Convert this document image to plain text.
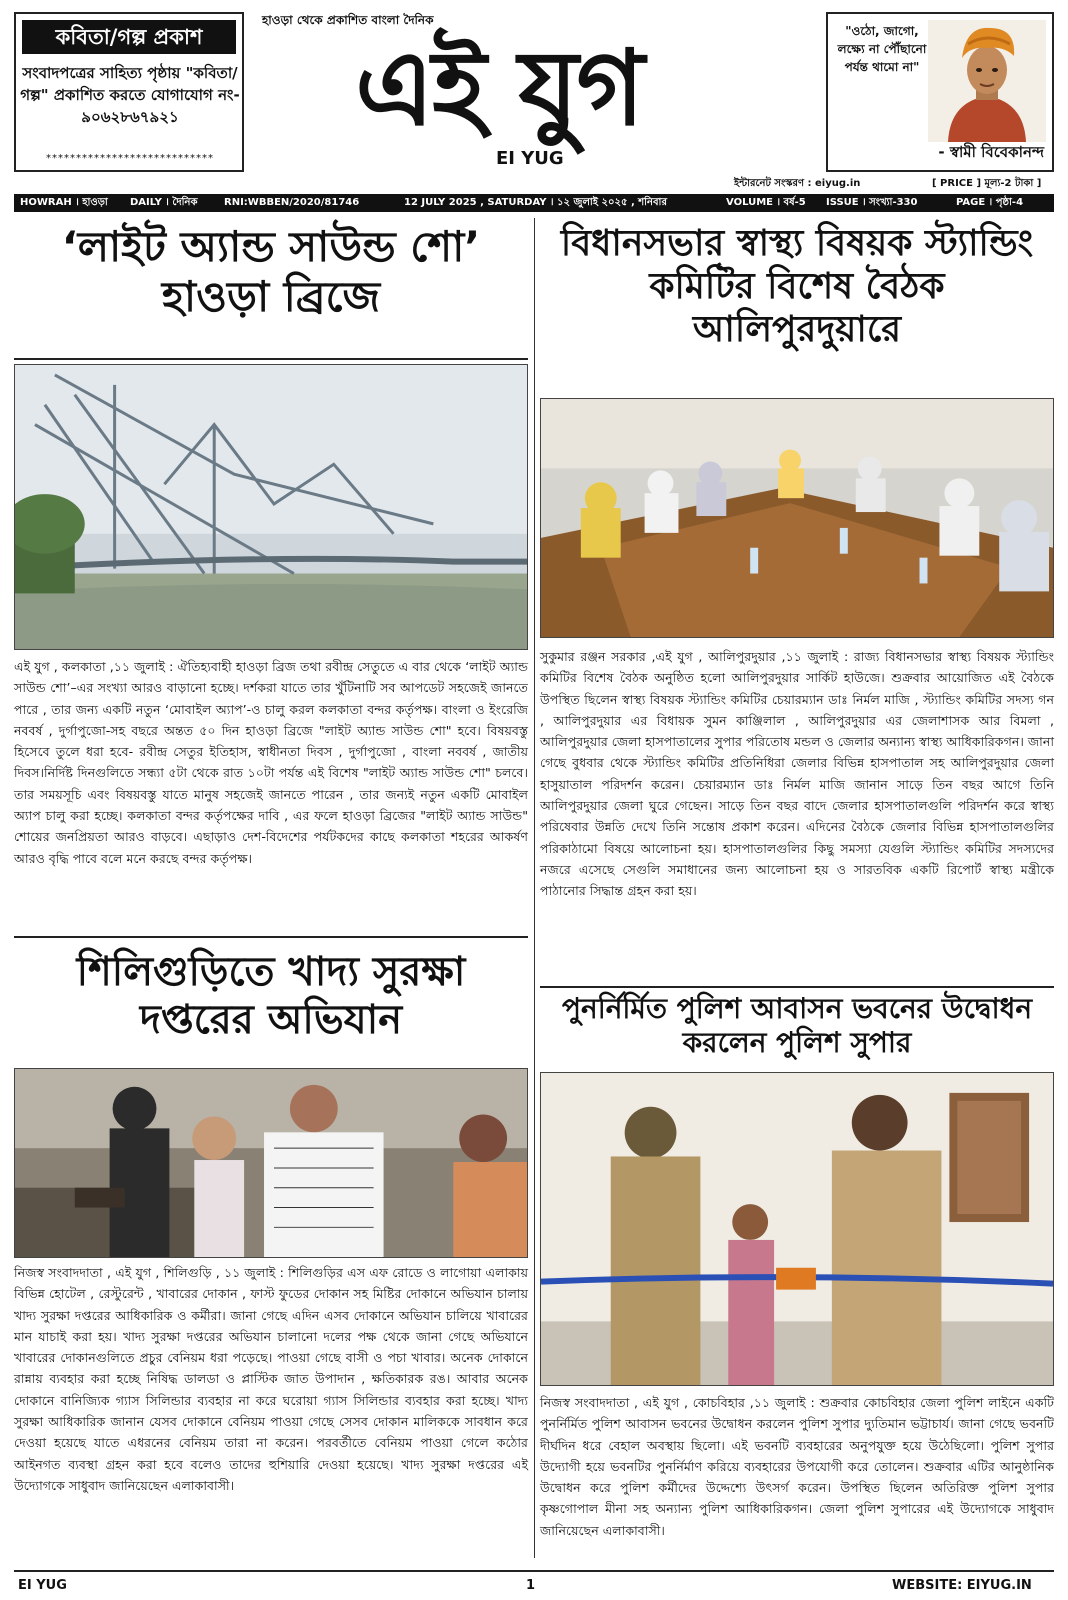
কবিতা/গল্প প্রকাশ
সংবাদপত্রের সাহিত্য পৃষ্ঠায় "কবিতা/গল্প" প্রকাশিত করতে যোগাযোগ নং- ৯০৬২৮৬৭৯২১
****************************
হাওড়া থেকে প্রকাশিত বাংলা দৈনিক
এই যুগ
EI YUG
"ওঠো, জাগো, লক্ষ্যে না পৌঁছানো পর্যন্ত থামো না"
- স্বামী বিবেকানন্দ
ইন্টারনেট সংস্করণ : eiyug.in	[ PRICE ] মূল্য-2 টাকা ]
HOWRAH । হাওড়া DAILY । দৈনিক	RNI:WBBEN/2020/81746	12 JULY 2025 , SATURDAY । ১২ জুলাই ২০২৫ , শনিবার	VOLUME । বর্ষ-5 ISSUE । সংখ্যা-330	PAGE । পৃষ্ঠা-4
‘লাইট অ্যান্ড সাউন্ড শো’ হাওড়া ব্রিজে
এই যুগ , কলকাতা ,১১ জুলাই : ঐতিহ্যবাহী হাওড়া ব্রিজ তথা রবীন্দ্র সেতুতে এ বার থেকে ‘লাইট অ্যান্ড সাউন্ড শো’–এর সংখ্যা আরও বাড়ানো হচ্ছে। দর্শকরা যাতে তার খুঁটিনাটি সব আপডেট সহজেই জানতে পারে , তার জন্য একটি নতুন ‘মোবাইল অ্যাপ’-ও চালু করল কলকাতা বন্দর কর্তৃপক্ষ। বাংলা ও ইংরেজি নববর্ষ , দুর্গাপুজো-সহ বছরে অন্তত ৫০ দিন হাওড়া ব্রিজে "লাইট অ্যান্ড সাউন্ড শো" হবে। বিষয়বস্তু হিসেবে তুলে ধরা হবে- রবীন্দ্র সেতুর ইতিহাস, স্বাধীনতা দিবস , দুর্গাপুজো , বাংলা নববর্ষ , জাতীয় দিবস।নির্দিষ্ট দিনগুলিতে সন্ধ্যা ৫টা থেকে রাত ১০টা পর্যন্ত এই বিশেষ "লাইট অ্যান্ড সাউন্ড শো" চলবে। তার সময়সূচি এবং বিষয়বস্তু যাতে মানুষ সহজেই জানতে পারেন , তার জন্যই নতুন একটি মোবাইল অ্যাপ চালু করা হচ্ছে। কলকাতা বন্দর কর্তৃপক্ষের দাবি , এর ফলে হাওড়া ব্রিজের "লাইট অ্যান্ড সাউন্ড" শোয়ের জনপ্রিয়তা আরও বাড়বে। এছাড়াও দেশ-বিদেশের পর্যটকদের কাছে কলকাতা শহরের আকর্ষণ আরও বৃদ্ধি পাবে বলে মনে করছে বন্দর কর্তৃপক্ষ।
বিধানসভার স্বাস্থ্য বিষয়ক স্ট্যান্ডিং কমিটির বিশেষ বৈঠক আলিপুরদুয়ারে
সুকুমার রঞ্জন সরকার ,এই যুগ , আলিপুরদুয়ার ,১১ জুলাই : রাজ্য বিধানসভার স্বাস্থ্য বিষয়ক স্ট্যান্ডিং কমিটির বিশেষ বৈঠক অনুষ্ঠিত হলো আলিপুরদুয়ার সার্কিট হাউজে। শুক্রবার আয়োজিত এই বৈঠকে উপস্থিত ছিলেন স্বাস্থ্য বিষয়ক স্ট্যান্ডিং কমিটির চেয়ারম্যান ডাঃ নির্মল মাজি , স্ট্যান্ডিং কমিটির সদস্য গন , আলিপুরদুয়ার এর বিধায়ক সুমন কাঞ্জিলাল , আলিপুরদুয়ার এর জেলাশাসক আর বিমলা , আলিপুরদুয়ার জেলা হাসপাতালের সুপার পরিতোষ মন্ডল ও জেলার অন্যান্য স্বাস্থ্য আধিকারিকগন। জানা গেছে বুধবার থেকে স্ট্যান্ডিং কমিটির প্রতিনিধিরা জেলার বিভিন্ন হাসপাতাল সহ আলিপুরদুয়ার জেলা হাসুয়াতাল পরিদর্শন করেন। চেয়ারম্যান ডাঃ নির্মল মাজি জানান সাড়ে তিন বছর আগে তিনি আলিপুরদুয়ার জেলা ঘুরে গেছেন। সাড়ে তিন বছর বাদে জেলার হাসপাতালগুলি পরিদর্শন করে স্বাস্থ্য পরিষেবার উন্নতি দেখে তিনি সন্তোষ প্রকাশ করেন। এদিনের বৈঠকে জেলার বিভিন্ন হাসপাতালগুলির পরিকাঠামো বিষয়ে আলোচনা হয়। হাসপাতালগুলির কিছু সমস্যা যেগুলি স্ট্যান্ডিং কমিটির সদস্যদের নজরে এসেছে সেগুলি সমাধানের জন্য আলোচনা হয় ও সারতবিক একটি রিপোর্ট স্বাস্থ্য মন্ত্রীকে পাঠানোর সিদ্ধান্ত গ্রহন করা হয়।
শিলিগুড়িতে খাদ্য সুরক্ষা দপ্তরের অভিযান
নিজস্ব সংবাদদাতা , এই যুগ , শিলিগুড়ি , ১১ জুলাই : শিলিগুড়ির এস এফ রোডে ও লাগোয়া এলাকায় বিভিন্ন হোটেল , রেস্টুরেন্ট , খাবারের দোকান , ফাস্ট ফুডের দোকান সহ মিষ্টির দোকানে অভিযান চালায় খাদ্য সুরক্ষা দপ্তরের আধিকারিক ও কর্মীরা। জানা গেছে এদিন এসব দোকানে অভিযান চালিয়ে খাবারের মান যাচাই করা হয়। খাদ্য সুরক্ষা দপ্তরের অভিযান চালানো দলের পক্ষ থেকে জানা গেছে অভিযানে খাবারের দোকানগুলিতে প্রচুর বেনিয়ম ধরা পড়েছে। পাওয়া গেছে বাসী ও পচা খাবার। অনেক দোকানে রান্নায় ব্যবহার করা হচ্ছে নিষিদ্ধ ডালডা ও প্লাস্টিক জাত উপাদান , ক্ষতিকারক রঙ। আবার অনেক দোকানে বানিজ্যিক গ্যাস সিলিন্ডার ব্যবহার না করে ঘরোয়া গ্যাস সিলিন্ডার ব্যবহার করা হচ্ছে। খাদ্য সুরক্ষা আধিকারিক জানান যেসব দোকানে বেনিয়ম পাওয়া গেছে সেসব দোকান মালিককে সাবধান করে দেওয়া হয়েছে যাতে এধরনের বেনিয়ম তারা না করেন। পরবর্তীতে বেনিয়ম পাওয়া গেলে কঠোর আইনগত ব্যবস্থা গ্রহন করা হবে বলেও তাদের হুশিয়ারি দেওয়া হয়েছে। খাদ্য সুরক্ষা দপ্তরের এই উদ্যোগকে সাধুবাদ জানিয়েছেন এলাকাবাসী।
পুনর্নির্মিত পুলিশ আবাসন ভবনের উদ্বোধন করলেন পুলিশ সুপার
নিজস্ব সংবাদদাতা , এই যুগ , কোচবিহার ,১১ জুলাই : শুক্রবার কোচবিহার জেলা পুলিশ লাইনে একটি পুনর্নির্মিত পুলিশ আবাসন ভবনের উদ্বোধন করলেন পুলিশ সুপার দ্যুতিমান ভট্টাচার্য। জানা গেছে ভবনটি দীর্ঘদিন ধরে বেহাল অবস্থায় ছিলো। এই ভবনটি ব্যবহারের অনুপযুক্ত হয়ে উঠেছিলো। পুলিশ সুপার উদ্যোগী হয়ে ভবনটির পুনর্নির্মাণ করিয়ে ব্যবহারের উপযোগী করে তোলেন। শুক্রবার এটির আনুষ্ঠানিক উদ্বোধন করে পুলিশ কর্মীদের উদ্দেশ্যে উৎসর্গ করেন। উপস্থিত ছিলেন অতিরিক্ত পুলিশ সুপার কৃষ্ণগোপাল মীনা সহ অন্যান্য পুলিশ আধিকারিকগন। জেলা পুলিশ সুপারের এই উদ্যোগকে সাধুবাদ জানিয়েছেন এলাকাবাসী।
EI YUG	1	WEBSITE: EIYUG.IN
